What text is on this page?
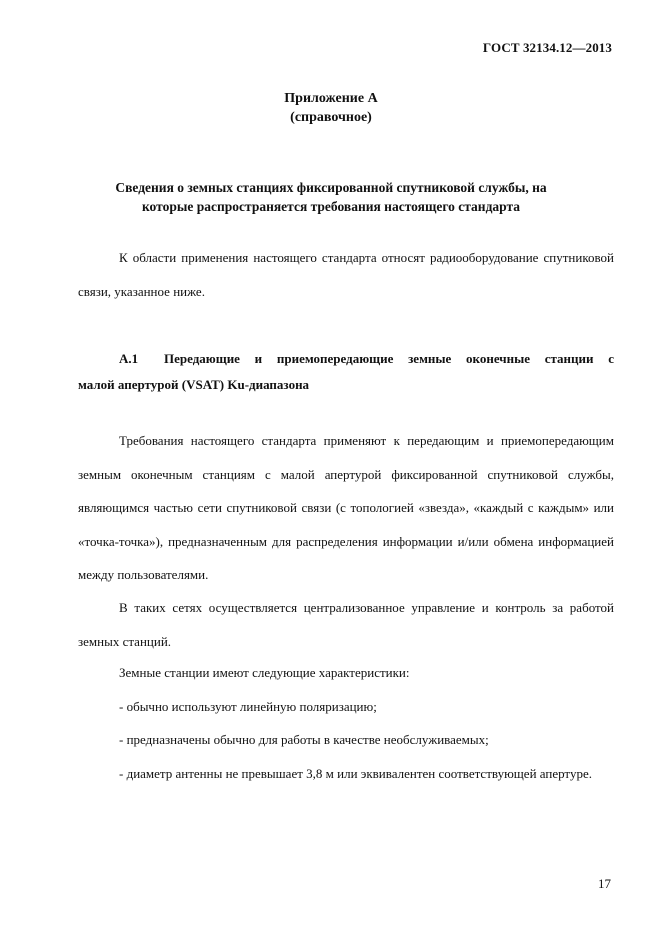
ГОСТ 32134.12—2013
Приложение А
(справочное)
Сведения о земных станциях фиксированной спутниковой службы, на
которые распространяется требования настоящего стандарта

К области применения настоящего стандарта относят радиооборудование спутниковой связи, указанное ниже.

А.1 Передающие и приемопередающие земные оконечные станции с
малой апертурой (VSAT) Ku-диапазона

Требования настоящего стандарта применяют к передающим и приемопередающим земным оконечным станциям с малой апертурой фиксированной спутниковой службы, являющимся частью сети спутниковой связи (с топологией «звезда», «каждый с каждым» или «точка-точка»), предназначенным для распределения информации и/или обмена информацией между пользователями.

В таких сетях осуществляется централизованное управление и контроль за работой земных станций.

Земные станции имеют следующие характеристики:
- обычно используют линейную поляризацию;
- предназначены обычно для работы в качестве необслуживаемых;

- диаметр антенны не превышает 3,8 м или эквивалентен соответствующей апертуре.

17
